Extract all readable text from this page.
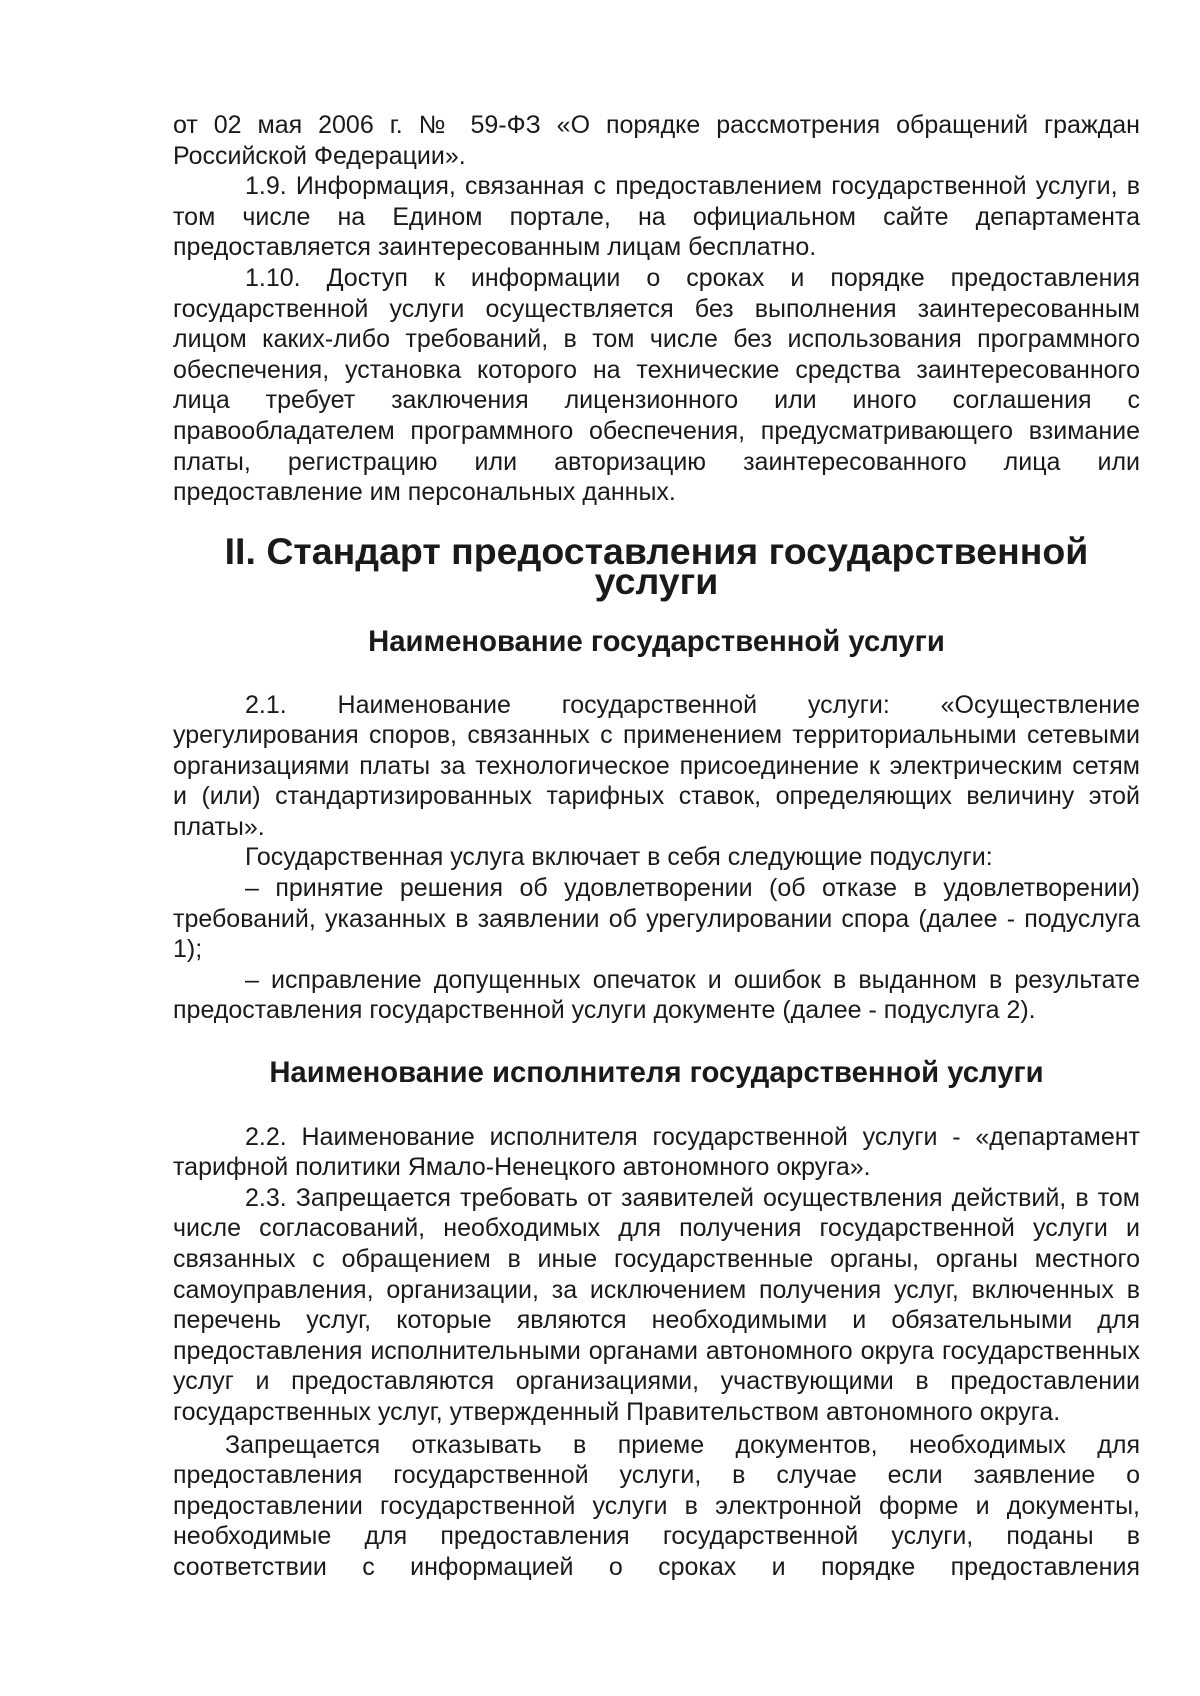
от 02 мая 2006 г. № 59-ФЗ «О порядке рассмотрения обращений граждан Российской Федерации».

1.9. Информация, связанная с предоставлением государственной услуги, в том числе на Едином портале, на официальном сайте департамента предоставляется заинтересованным лицам бесплатно.

1.10. Доступ к информации о сроках и порядке предоставления государственной услуги осуществляется без выполнения заинтересованным лицом каких-либо требований, в том числе без использования программного обеспечения, установка которого на технические средства заинтересованного лица требует заключения лицензионного или иного соглашения с правообладателем программного обеспечения, предусматривающего взимание платы, регистрацию или авторизацию заинтересованного лица или предоставление им персональных данных.

II. Стандарт предоставления государственной услуги
Наименование государственной услуги

2.1. Наименование государственной услуги: «Осуществление урегулирования споров, связанных с применением территориальными сетевыми организациями платы за технологическое присоединение к электрическим сетям и (или) стандартизированных тарифных ставок, определяющих величину этой платы».

Государственная услуга включает в себя следующие подуслуги:

– принятие решения об удовлетворении (об отказе в удовлетворении) требований, указанных в заявлении об урегулировании спора (далее - подуслуга 1);

– исправление допущенных опечаток и ошибок в выданном в результате предоставления государственной услуги документе (далее - подуслуга 2).

Наименование исполнителя государственной услуги

2.2. Наименование исполнителя государственной услуги - «департамент тарифной политики Ямало-Ненецкого автономного округа».

2.3. Запрещается требовать от заявителей осуществления действий, в том числе согласований, необходимых для получения государственной услуги и связанных с обращением в иные государственные органы, органы местного самоуправления, организации, за исключением получения услуг, включенных в перечень услуг, которые являются необходимыми и обязательными для предоставления исполнительными органами автономного округа государственных услуг и предоставляются организациями, участвующими в предоставлении государственных услуг, утвержденный Правительством автономного округа.

Запрещается отказывать в приеме документов, необходимых для предоставления государственной услуги, в случае если заявление о предоставлении государственной услуги в электронной форме и документы, необходимые для предоставления государственной услуги, поданы в соответствии с информацией о сроках и порядке предоставления
